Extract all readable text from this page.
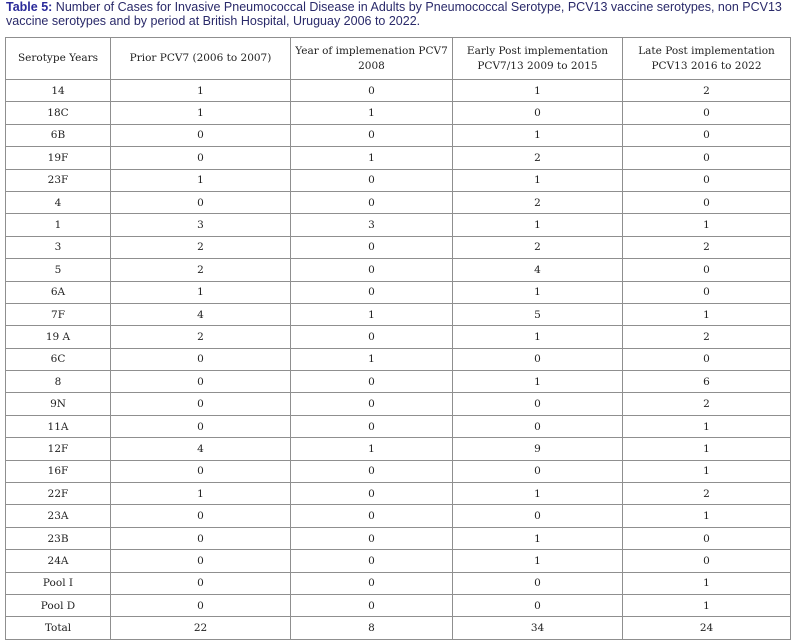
Table 5: Number of Cases for Invasive Pneumococcal Disease in Adults by Pneumococcal Serotype, PCV13 vaccine serotypes, non PCV13 vaccine serotypes and by period at British Hospital, Uruguay 2006 to 2022.
Serotype Years	Prior PCV7 (2006 to 2007)	Year of implemenation PCV7 2008	Early Post implementation PCV7/13 2009 to 2015	Late Post implementation PCV13 2016 to 2022
14	1	0	1	2
18C	1	1	0	0
6B	0	0	1	0
19F	0	1	2	0
23F	1	0	1	0
4	0	0	2	0
1	3	3	1	1
3	2	0	2	2
5	2	0	4	0
6A	1	0	1	0
7F	4	1	5	1
19 A	2	0	1	2
6C	0	1	0	0
8	0	0	1	6
9N	0	0	0	2
11A	0	0	0	1
12F	4	1	9	1
16F	0	0	0	1
22F	1	0	1	2
23A	0	0	0	1
23B	0	0	1	0
24A	0	0	1	0
Pool I	0	0	0	1
Pool D	0	0	0	1
Total	22	8	34	24
